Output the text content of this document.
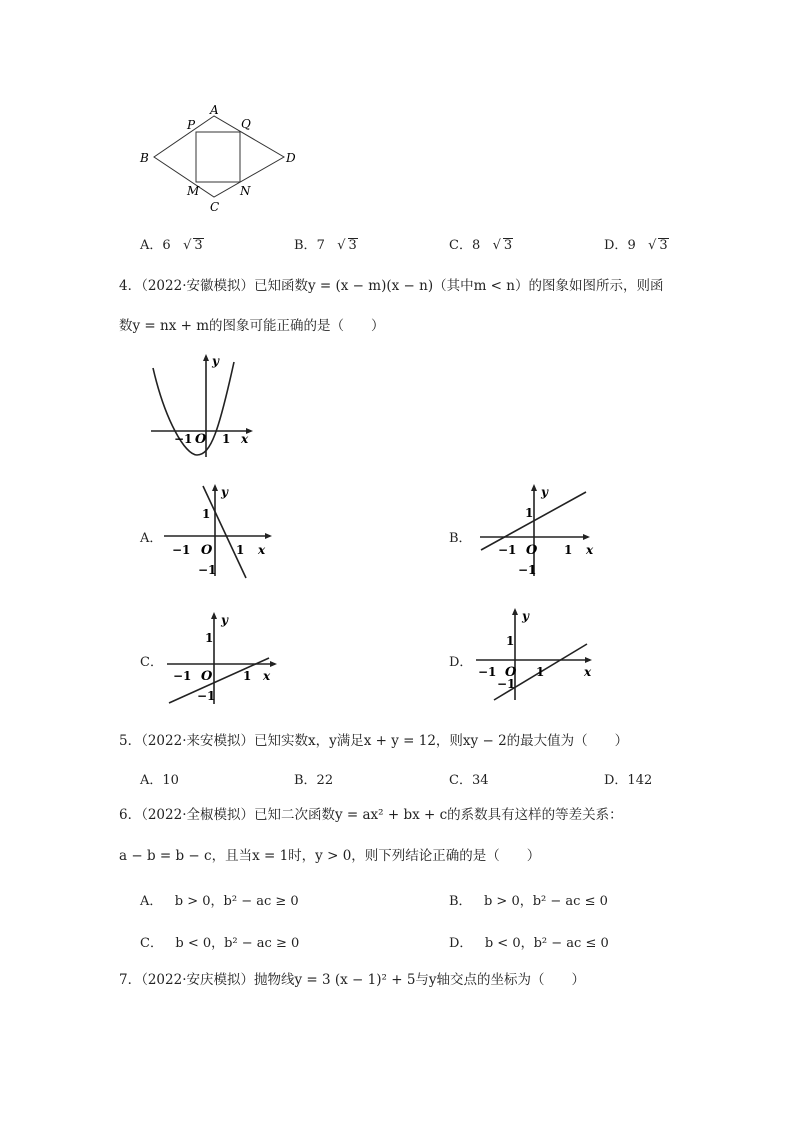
A
P	Q
B	D
M	N
C
A．6   √ 3	B．7   √ 3	C．8   √ 3	D．9   √ 3
4．（2022·安徽模拟）已知函数y = (x − m)(x − n)（其中m < n）的图象如图所示，则函
数y = nx + m的图象可能正确的是（　　）
y
x
O
−1 1
A．
y
x
O
−1	1
1
−1
B．
y
x
O
−1	1
1
−1
C．
y
x
O
−1	1
1
−1
D．
y
x
O
−1	1
1
−1
5．（2022·来安模拟）已知实数x，y满足x + y = 12，则xy − 2的最大值为（　　）
A．10	B．22	C．34	D．142
6．（2022·全椒模拟）已知二次函数y = ax² + bx + c的系数具有这样的等差关系：
a − b = b − c，且当x = 1时，y > 0，则下列结论正确的是（　　）
A． b > 0，b² − ac ≥ 0	B． b > 0，b² − ac ≤ 0
C． b < 0，b² − ac ≥ 0	D． b < 0，b² − ac ≤ 0
7．（2022·安庆模拟）抛物线y = 3 (x − 1)² + 5与y轴交点的坐标为（　　）
